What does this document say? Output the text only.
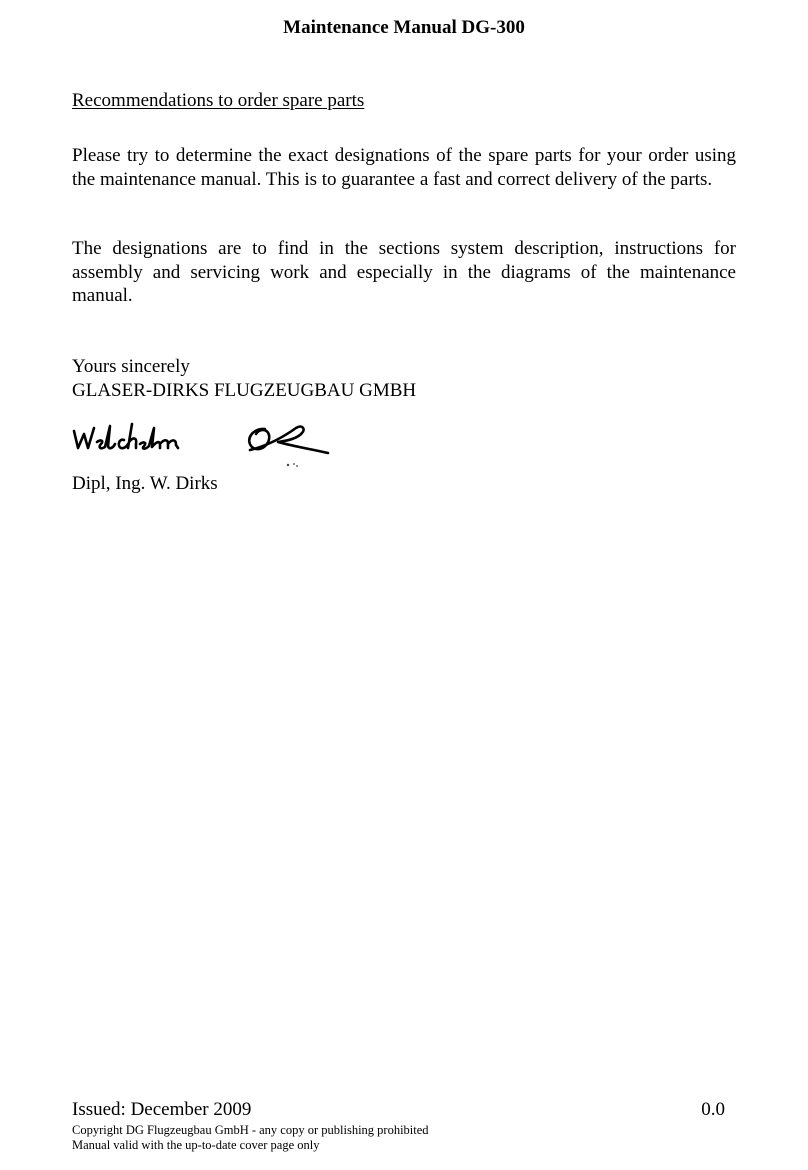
Maintenance Manual DG-300
Recommendations to order spare parts

Please try to determine the exact designations of the spare parts for your order using the maintenance manual. This is to guarantee a fast and correct delivery of the parts.

The designations are to find in the sections system description, instructions for assembly and servicing work and especially in the diagrams of the maintenance manual.

Yours sincerely
GLASER-DIRKS FLUGZEUGBAU GMBH
Dipl, Ing. W. Dirks
Issued: December 2009	0.0
Copyright DG Flugzeugbau GmbH - any copy or publishing prohibited
Manual valid with the up-to-date cover page only
